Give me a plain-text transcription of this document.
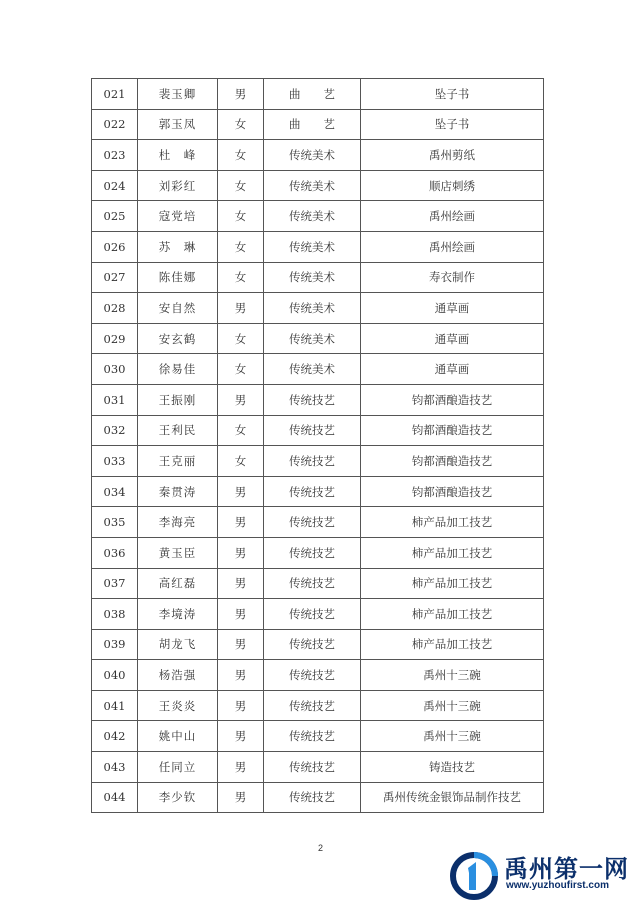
021	裴玉卿	男	曲　　艺	坠子书
022	郭玉凤	女	曲　　艺	坠子书
023	杜　峰	女	传统美术	禹州剪纸
024	刘彩红	女	传统美术	顺店刺绣
025	寇党培	女	传统美术	禹州绘画
026	苏　琳	女	传统美术	禹州绘画
027	陈佳娜	女	传统美术	寿衣制作
028	安自然	男	传统美术	通草画
029	安玄鹤	女	传统美术	通草画
030	徐易佳	女	传统美术	通草画
031	王振刚	男	传统技艺	钧都酒酿造技艺
032	王利民	女	传统技艺	钧都酒酿造技艺
033	王克丽	女	传统技艺	钧都酒酿造技艺
034	秦贯涛	男	传统技艺	钧都酒酿造技艺
035	李海亮	男	传统技艺	柿产品加工技艺
036	黄玉臣	男	传统技艺	柿产品加工技艺
037	高红磊	男	传统技艺	柿产品加工技艺
038	李境涛	男	传统技艺	柿产品加工技艺
039	胡龙飞	男	传统技艺	柿产品加工技艺
040	杨浩强	男	传统技艺	禹州十三碗
041	王炎炎	男	传统技艺	禹州十三碗
042	姚中山	男	传统技艺	禹州十三碗
043	任同立	男	传统技艺	铸造技艺
044	李少钦	男	传统技艺	禹州传统金银饰品制作技艺
2
禹州第一网
www.yuzhoufirst.com
